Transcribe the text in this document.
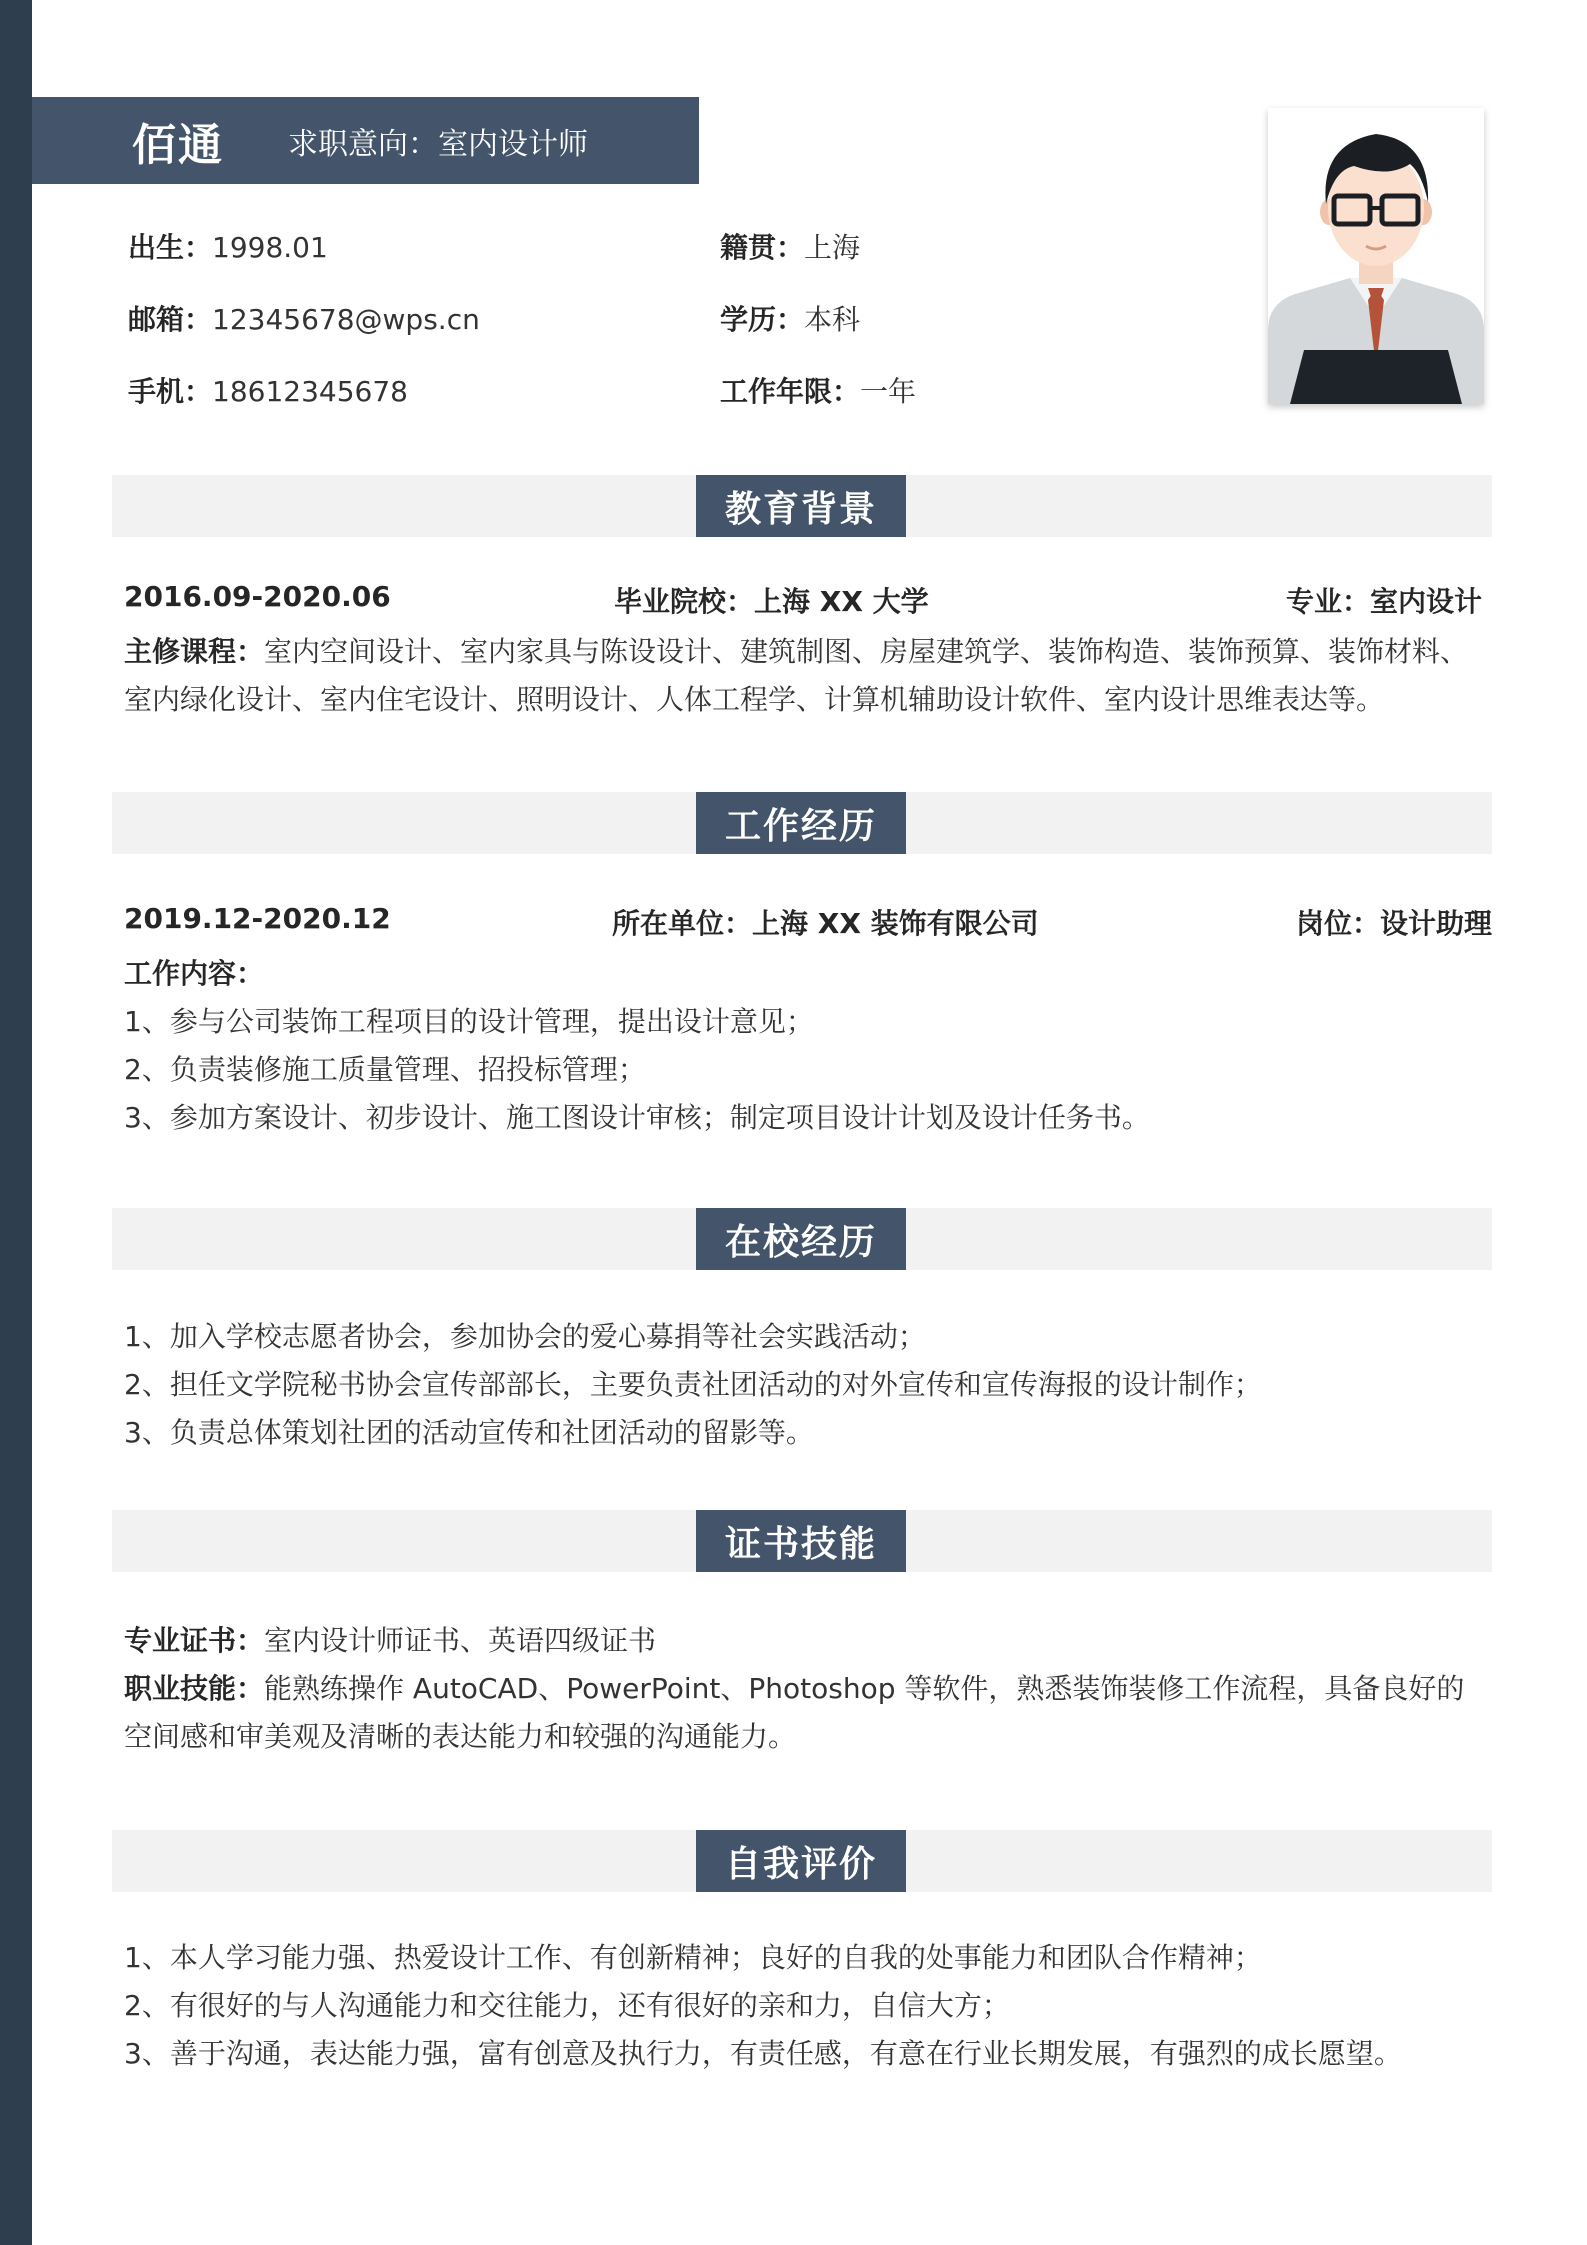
佰通 求职意向：室内设计师
出生：1998.01	籍贯：上海
邮箱：12345678@wps.cn	学历：本科
手机：18612345678	工作年限：一年
教育背景
2016.09-2020.06	毕业院校：上海 XX 大学	专业：室内设计
主修课程：室内空间设计、室内家具与陈设设计、建筑制图、房屋建筑学、装饰构造、装饰预算、装饰材料、
室内绿化设计、室内住宅设计、照明设计、人体工程学、计算机辅助设计软件、室内设计思维表达等。
工作经历
2019.12-2020.12	所在单位：上海 XX 装饰有限公司	岗位：设计助理
工作内容：
1、参与公司装饰工程项目的设计管理，提出设计意见；
2、负责装修施工质量管理、招投标管理；
3、参加方案设计、初步设计、施工图设计审核；制定项目设计计划及设计任务书。
在校经历
1、加入学校志愿者协会，参加协会的爱心募捐等社会实践活动；
2、担任文学院秘书协会宣传部部长，主要负责社团活动的对外宣传和宣传海报的设计制作；
3、负责总体策划社团的活动宣传和社团活动的留影等。
证书技能
专业证书：室内设计师证书、英语四级证书
职业技能：能熟练操作 AutoCAD、PowerPoint、Photoshop 等软件，熟悉装饰装修工作流程，具备良好的
空间感和审美观及清晰的表达能力和较强的沟通能力。
自我评价
1、本人学习能力强、热爱设计工作、有创新精神；良好的自我的处事能力和团队合作精神；
2、有很好的与人沟通能力和交往能力，还有很好的亲和力，自信大方；
3、善于沟通，表达能力强，富有创意及执行力，有责任感，有意在行业长期发展，有强烈的成长愿望。
